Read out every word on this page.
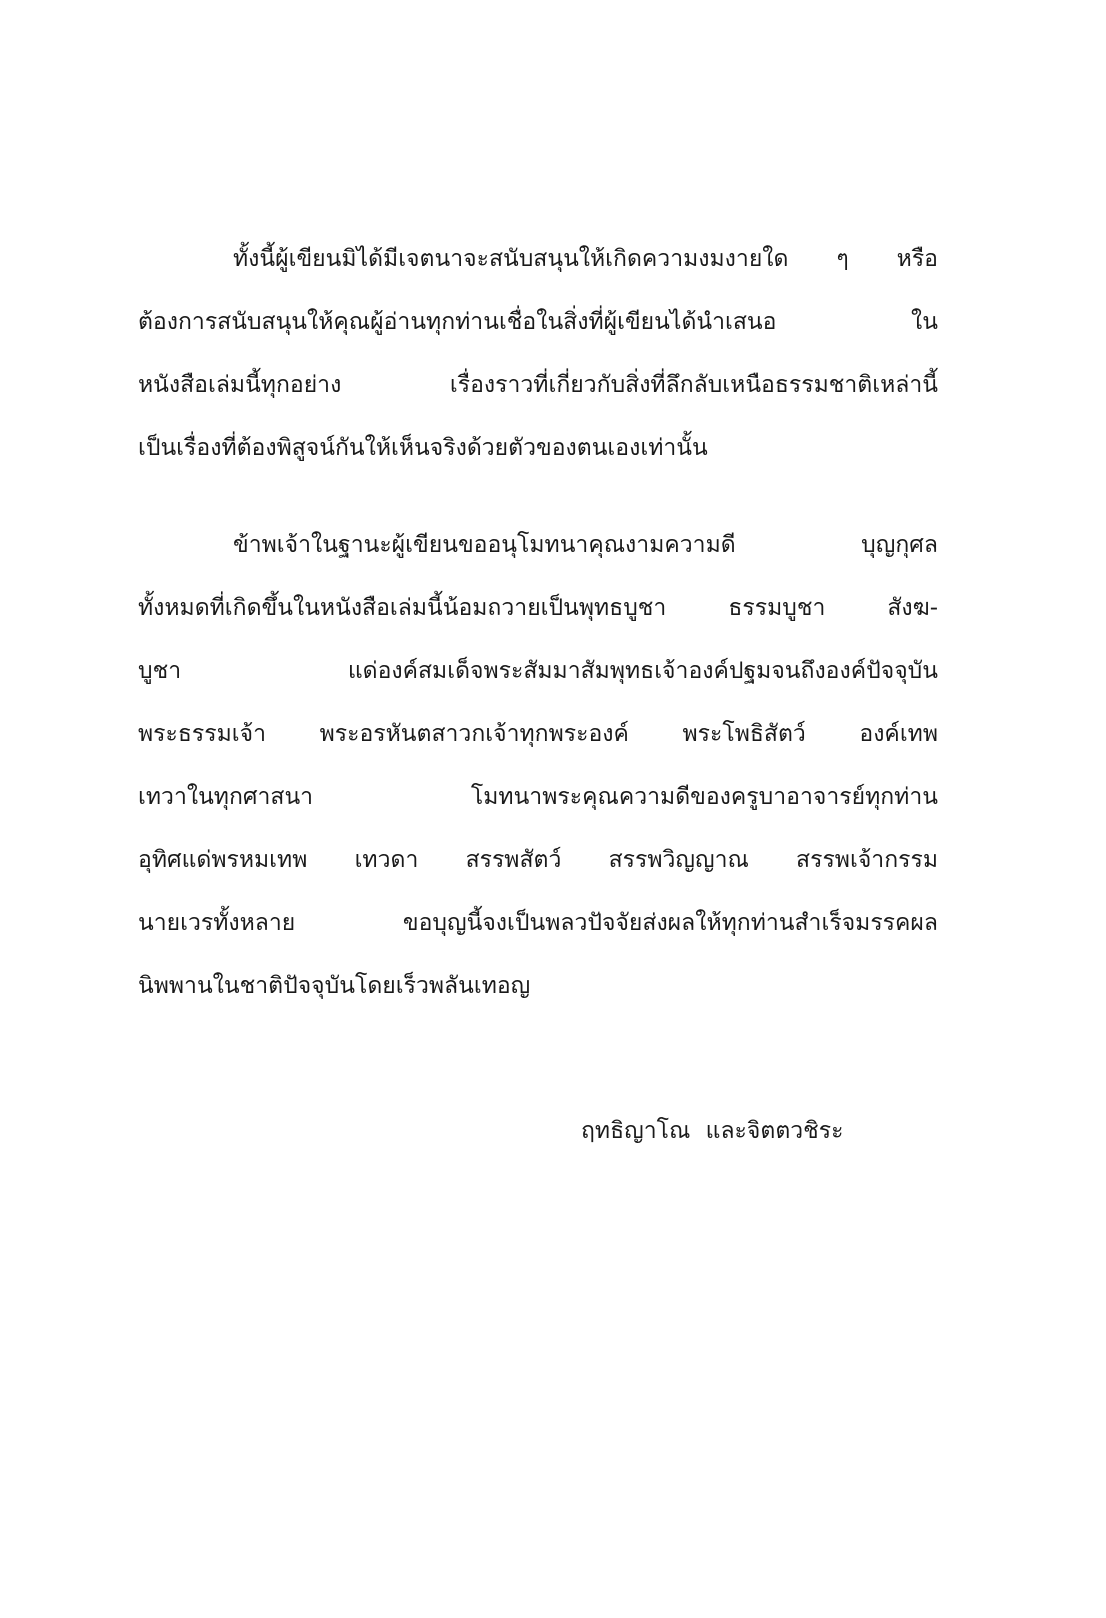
ทั้งนี้ผู้เขียนมิได้มีเจตนาจะสนับสนุนให้เกิดความงมงายใด ๆ หรือ
ต้องการสนับสนุนให้คุณผู้อ่านทุกท่านเชื่อในสิ่งที่ผู้เขียนได้นำเสนอ ใน
หนังสือเล่มนี้ทุกอย่าง เรื่องราวที่เกี่ยวกับสิ่งที่ลึกลับเหนือธรรมชาติเหล่านี้
เป็นเรื่องที่ต้องพิสูจน์กันให้เห็นจริงด้วยตัวของตนเองเท่านั้น
ข้าพเจ้าในฐานะผู้เขียนขออนุโมทนาคุณงามความดี บุญกุศล
ทั้งหมดที่เกิดขึ้นในหนังสือเล่มนี้น้อมถวายเป็นพุทธบูชา ธรรมบูชา สังฆ-
บูชา แด่องค์สมเด็จพระสัมมาสัมพุทธเจ้าองค์ปฐมจนถึงองค์ปัจจุบัน
พระธรรมเจ้า พระอรหันตสาวกเจ้าทุกพระองค์ พระโพธิสัตว์ องค์เทพ
เทวาในทุกศาสนา โมทนาพระคุณความดีของครูบาอาจารย์ทุกท่าน
อุทิศแด่พรหมเทพ เทวดา สรรพสัตว์ สรรพวิญญาณ สรรพเจ้ากรรม
นายเวรทั้งหลาย ขอบุญนี้จงเป็นพลวปัจจัยส่งผลให้ทุกท่านสำเร็จมรรคผล
นิพพานในชาติปัจจุบันโดยเร็วพลันเทอญ
ฤทธิญาโณ และจิตตวชิระ
